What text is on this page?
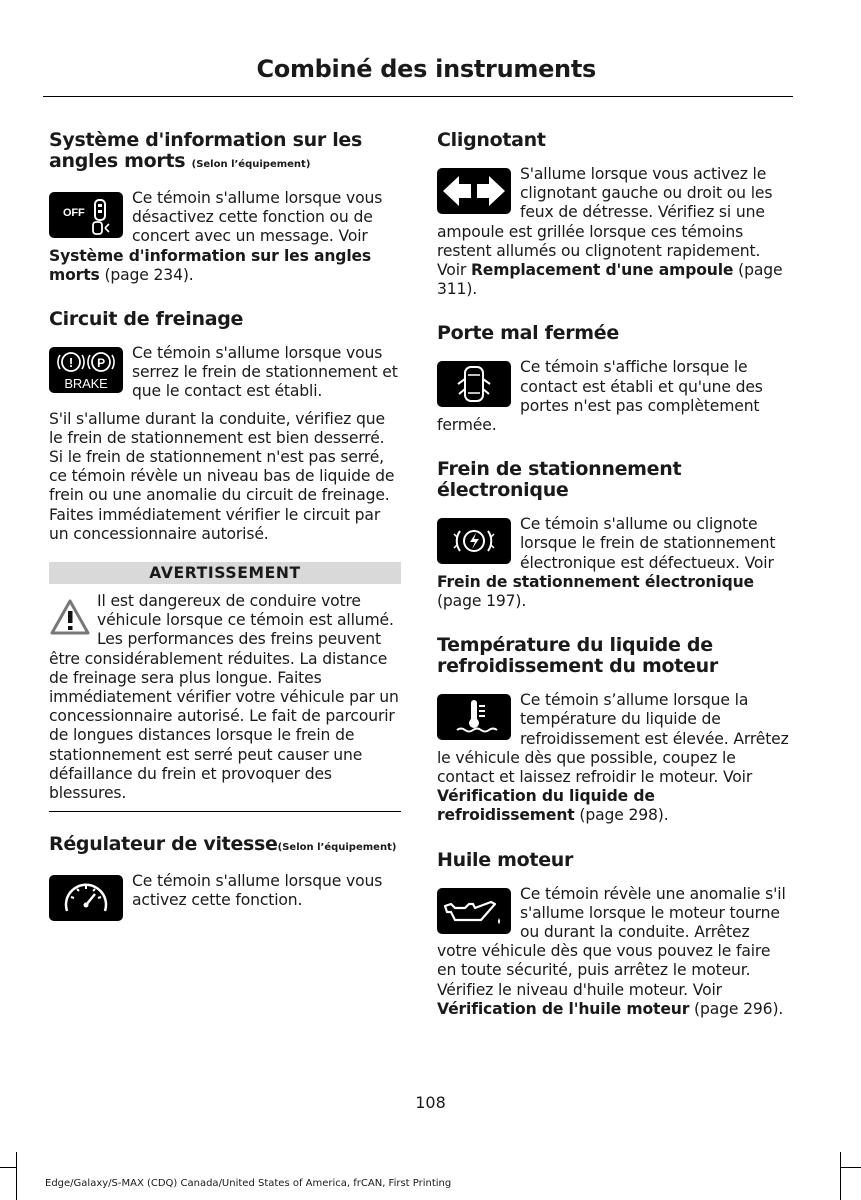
Combiné des instruments
Système d'information sur les angles morts (Selon l’équipement)
OFF
Ce témoin s'allume lorsque vous désactivez cette fonction ou de concert avec un message. Voir Système d'information sur les angles morts (page 234).
Circuit de freinage
! P
BRAKE
Ce témoin s'allume lorsque vous serrez le frein de stationnement et que le contact est établi.
S'il s'allume durant la conduite, vérifiez que le frein de stationnement est bien desserré. Si le frein de stationnement n'est pas serré, ce témoin révèle un niveau bas de liquide de frein ou une anomalie du circuit de freinage. Faites immédiatement vérifier le circuit par un concessionnaire autorisé.
AVERTISSEMENT
Il est dangereux de conduire votre véhicule lorsque ce témoin est allumé. Les performances des freins peuvent être considérablement réduites. La distance de freinage sera plus longue. Faites immédiatement vérifier votre véhicule par un concessionnaire autorisé. Le fait de parcourir de longues distances lorsque le frein de stationnement est serré peut causer une défaillance du frein et provoquer des blessures.
Régulateur de vitesse(Selon l’équipement)
Ce témoin s'allume lorsque vous activez cette fonction.
Clignotant
S'allume lorsque vous activez le clignotant gauche ou droit ou les feux de détresse. Vérifiez si une ampoule est grillée lorsque ces témoins restent allumés ou clignotent rapidement. Voir Remplacement d'une ampoule (page 311).
Porte mal fermée
Ce témoin s'affiche lorsque le contact est établi et qu'une des portes n'est pas complètement fermée.
Frein de stationnement électronique
Ce témoin s'allume ou clignote lorsque le frein de stationnement électronique est défectueux. Voir Frein de stationnement électronique (page 197).
Température du liquide de refroidissement du moteur
Ce témoin s’allume lorsque la température du liquide de refroidissement est élevée. Arrêtez le véhicule dès que possible, coupez le contact et laissez refroidir le moteur. Voir Vérification du liquide de refroidissement (page 298).
Huile moteur
Ce témoin révèle une anomalie s'il s'allume lorsque le moteur tourne ou durant la conduite. Arrêtez votre véhicule dès que vous pouvez le faire en toute sécurité, puis arrêtez le moteur. Vérifiez le niveau d'huile moteur. Voir Vérification de l'huile moteur (page 296).
108
Edge/Galaxy/S-MAX (CDQ) Canada/United States of America, frCAN, First Printing
